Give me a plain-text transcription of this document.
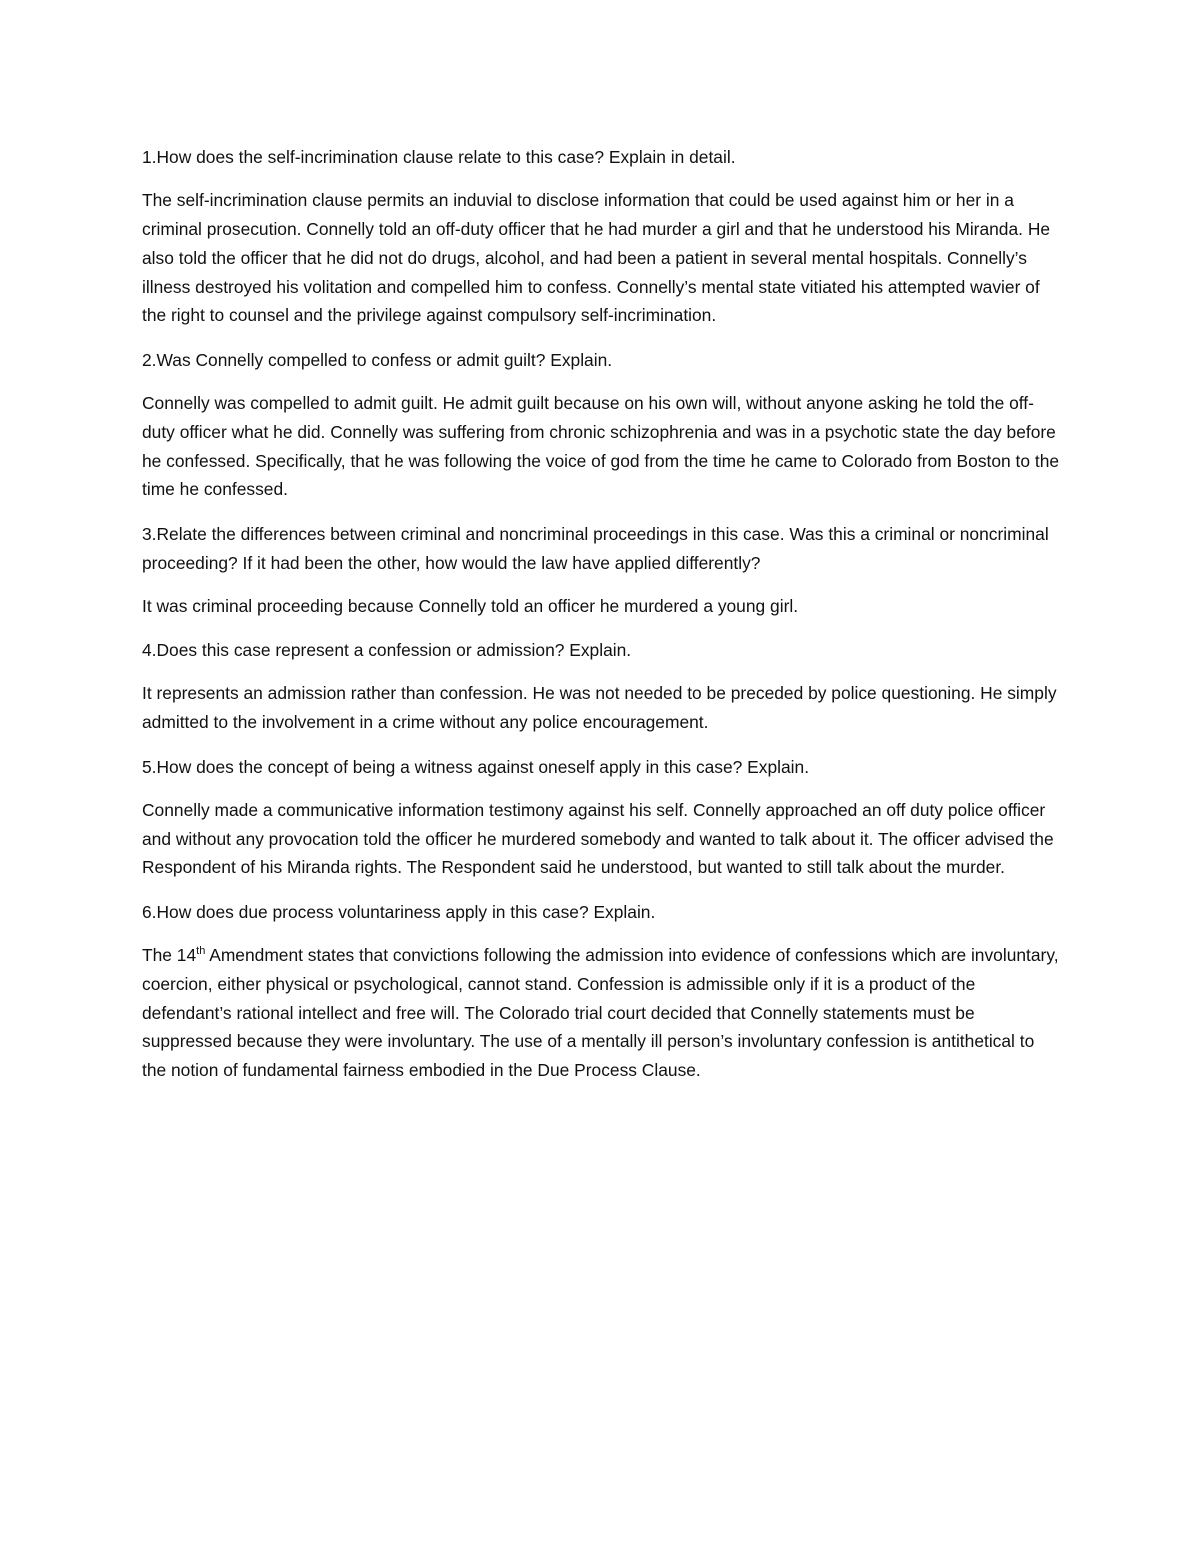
1.How does the self-incrimination clause relate to this case? Explain in detail.

The self-incrimination clause permits an induvial to disclose information that could be used against him or her in a criminal prosecution. Connelly told an off-duty officer that he had murder a girl and that he understood his Miranda. He also told the officer that he did not do drugs, alcohol, and had been a patient in several mental hospitals. Connelly’s illness destroyed his volitation and compelled him to confess. Connelly’s mental state vitiated his attempted wavier of the right to counsel and the privilege against compulsory self-incrimination.

2.Was Connelly compelled to confess or admit guilt? Explain.

Connelly was compelled to admit guilt. He admit guilt because on his own will, without anyone asking he told the off-duty officer what he did. Connelly was suffering from chronic schizophrenia and was in a psychotic state the day before he confessed. Specifically, that he was following the voice of god from the time he came to Colorado from Boston to the time he confessed.

3.Relate the differences between criminal and noncriminal proceedings in this case. Was this a criminal or noncriminal proceeding? If it had been the other, how would the law have applied differently?

It was criminal proceeding because Connelly told an officer he murdered a young girl.

4.Does this case represent a confession or admission? Explain.

It represents an admission rather than confession. He was not needed to be preceded by police questioning. He simply admitted to the involvement in a crime without any police encouragement.

5.How does the concept of being a witness against oneself apply in this case? Explain.

Connelly made a communicative information testimony against his self. Connelly approached an off duty police officer and without any provocation told the officer he murdered somebody and wanted to talk about it. The officer advised the Respondent of his Miranda rights. The Respondent said he understood, but wanted to still talk about the murder.

6.How does due process voluntariness apply in this case? Explain.

The 14th Amendment states that convictions following the admission into evidence of confessions which are involuntary, coercion, either physical or psychological, cannot stand. Confession is admissible only if it is a product of the defendant’s rational intellect and free will. The Colorado trial court decided that Connelly statements must be suppressed because they were involuntary. The use of a mentally ill person’s involuntary confession is antithetical to the notion of fundamental fairness embodied in the Due Process Clause.
